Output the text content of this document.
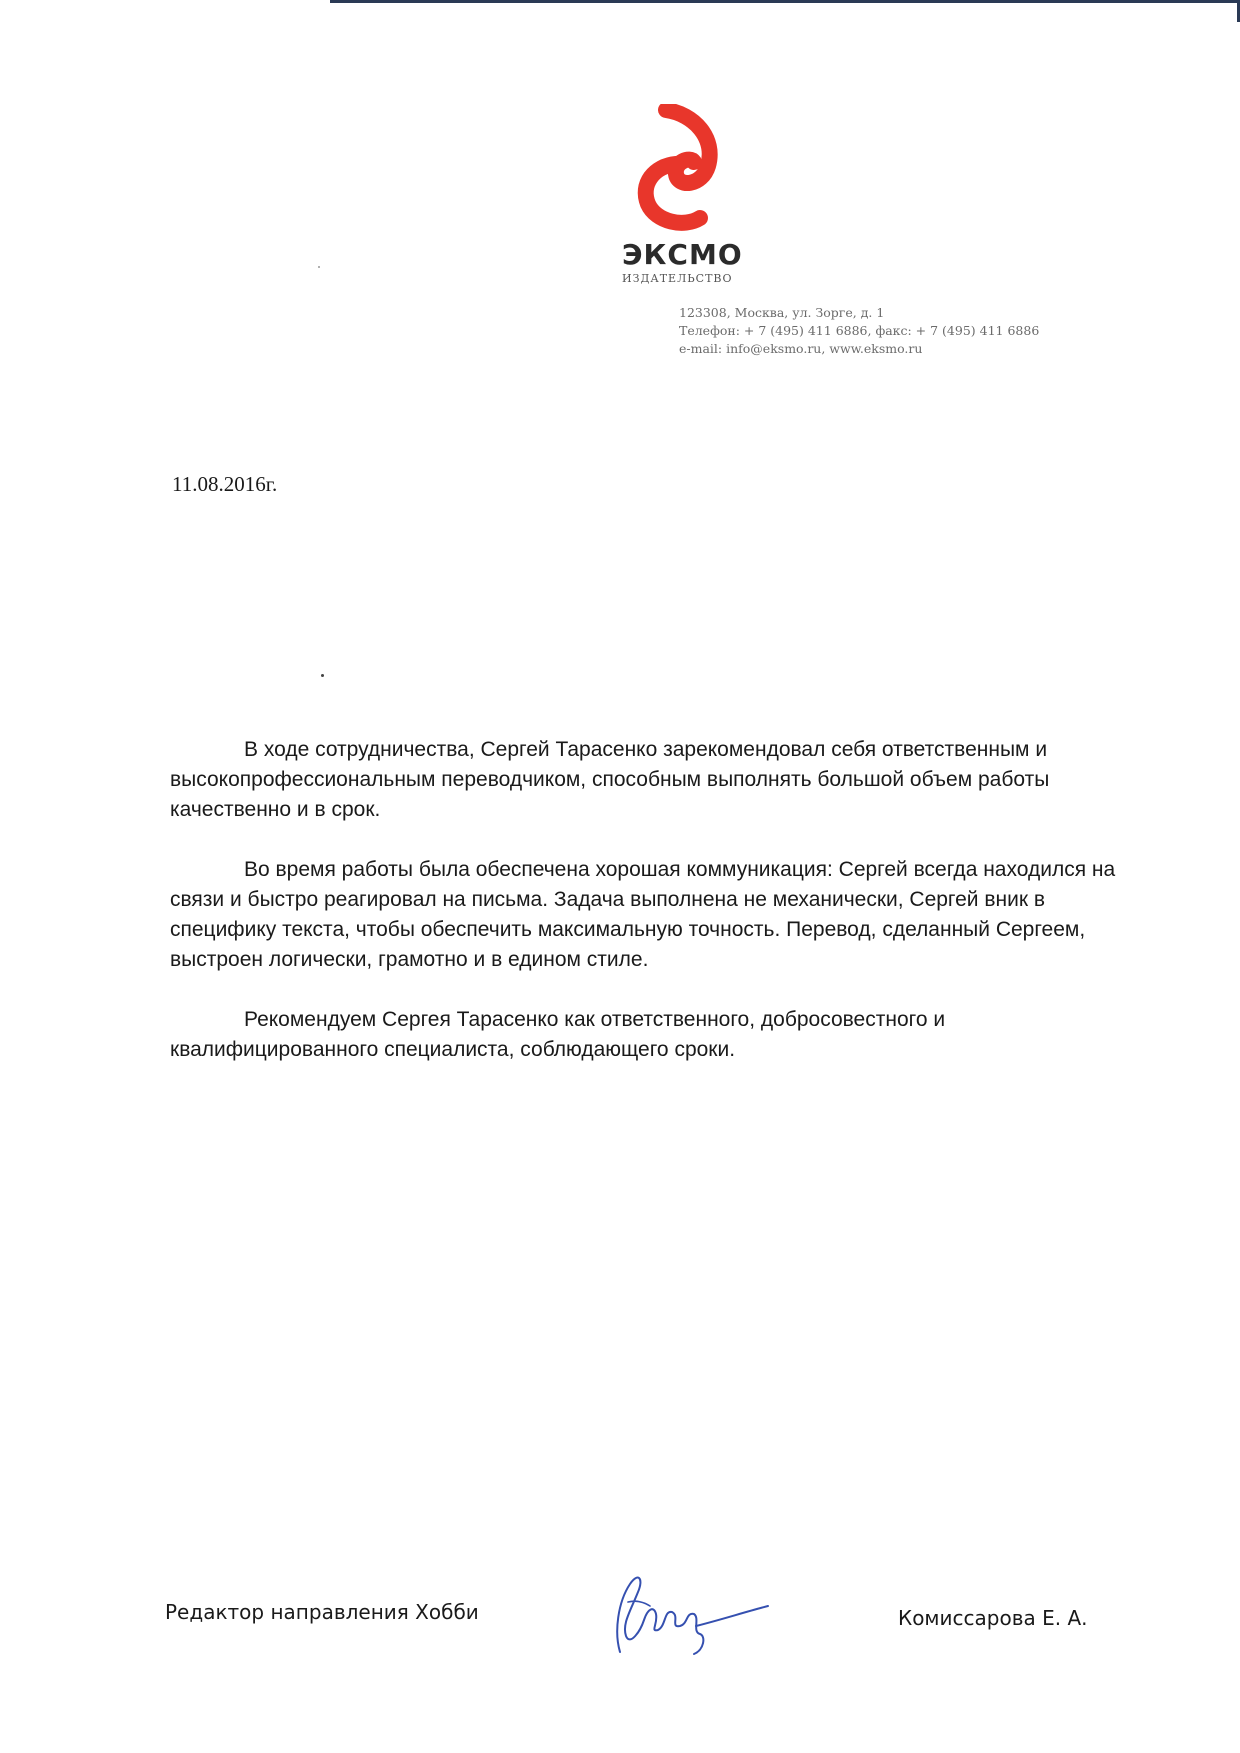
ЭКСМО
ИЗДАТЕЛЬСТВО
123308, Москва, ул. Зорге, д. 1
Телефон: + 7 (495) 411 6886, факс: + 7 (495) 411 6886
e-mail: info@eksmo.ru, www.eksmo.ru
11.08.2016г.

В ходе сотрудничества, Сергей Тарасенко зарекомендовал себя ответственным и высокопрофессиональным переводчиком, способным выполнять большой объем работы качественно и в срок.

Во время работы была обеспечена хорошая коммуникация: Сергей всегда находился на связи и быстро реагировал на письма. Задача выполнена не механически, Сергей вник в специфику текста, чтобы обеспечить максимальную точность. Перевод, сделанный Сергеем, выстроен логически, грамотно и в едином стиле.

Рекомендуем Сергея Тарасенко как ответственного, добросовестного и квалифицированного специалиста, соблюдающего сроки.

Редактор направления Хобби	Комиссарова Е. А.
